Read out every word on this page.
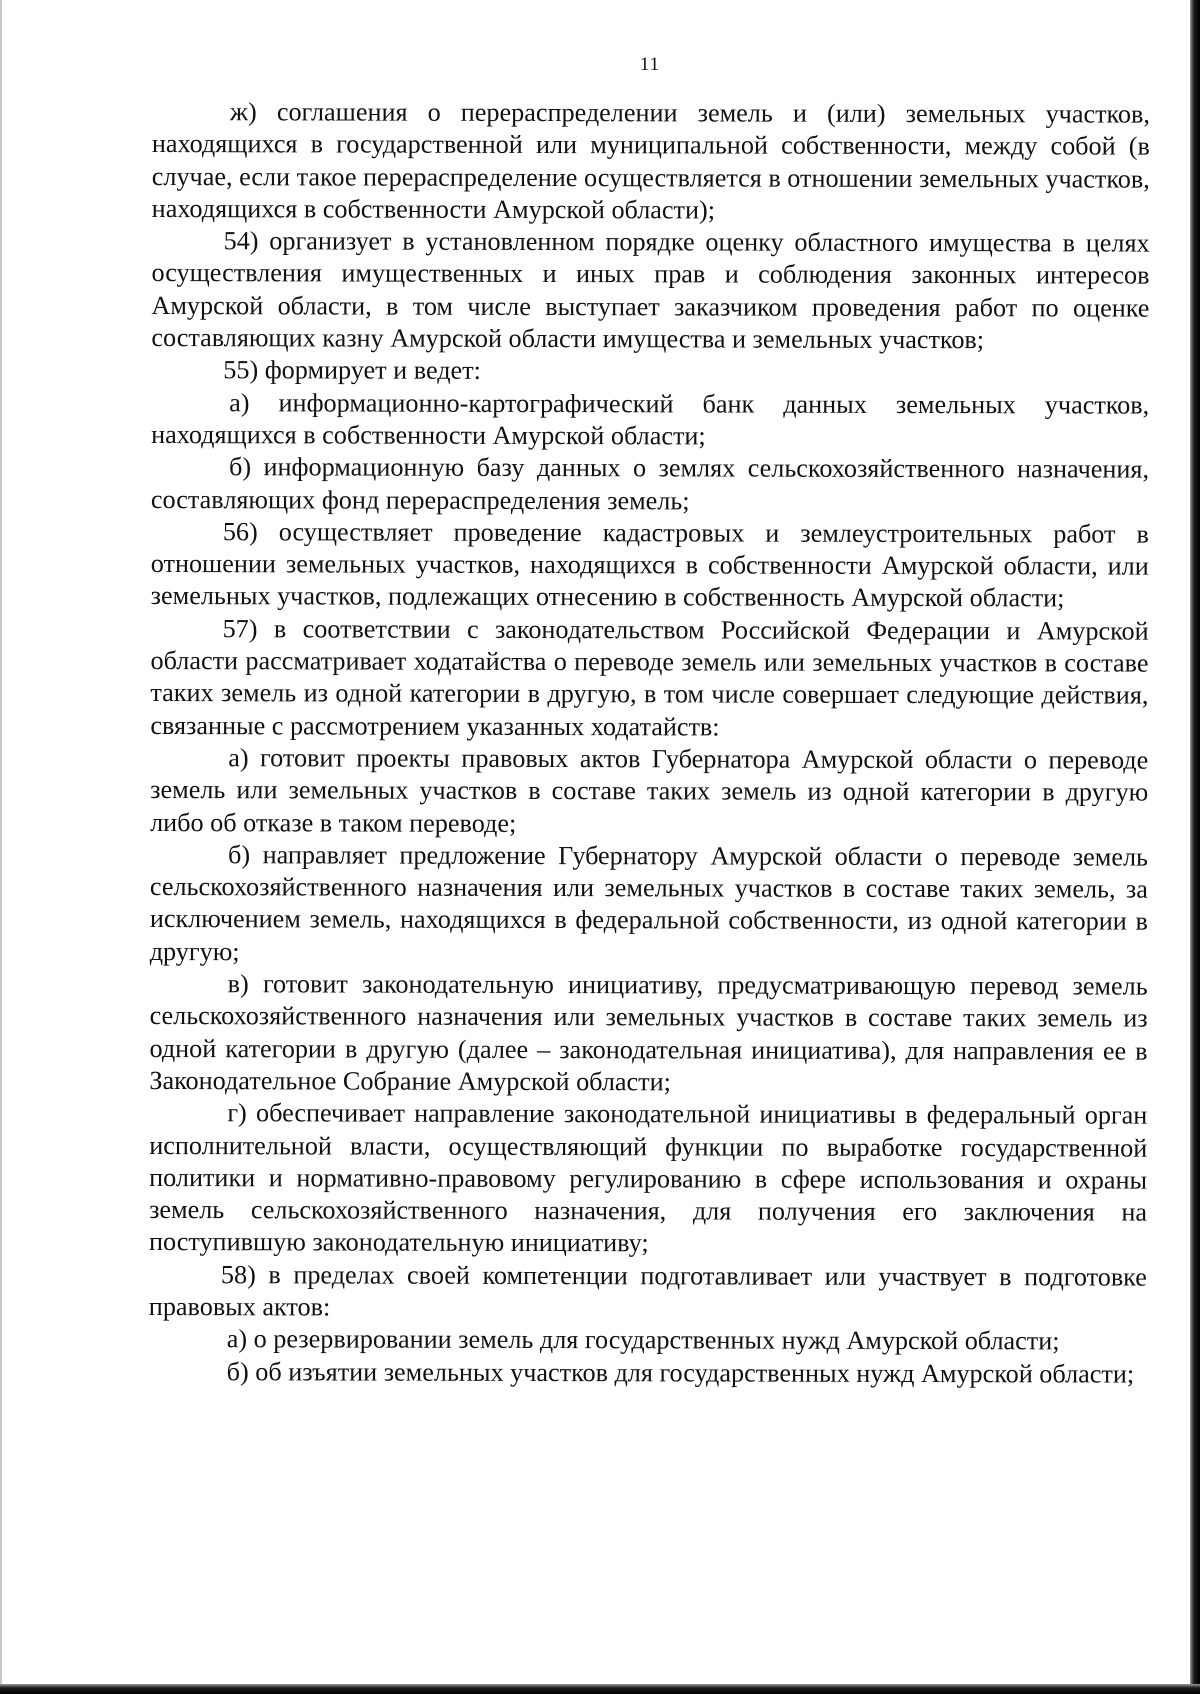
11

ж) соглашения о перераспределении земель и (или) земельных участков, находящихся в государственной или муниципальной собственности, между собой (в случае, если такое перераспределение осуществляется в отношении земельных участков, находящихся в собственности Амурской области);

54) организует в установленном порядке оценку областного имущества в целях осуществления имущественных и иных прав и соблюдения законных интересов Амурской области, в том числе выступает заказчиком проведения работ по оценке составляющих казну Амурской области имущества и земельных участков;

55) формирует и ведет:

а) информационно-картографический банк данных земельных участков, находящихся в собственности Амурской области;

б) информационную базу данных о землях сельскохозяйственного назначения, составляющих фонд перераспределения земель;

56) осуществляет проведение кадастровых и землеустроительных работ в отношении земельных участков, находящихся в собственности Амурской области, или земельных участков, подлежащих отнесению в собственность Амурской области;

57) в соответствии с законодательством Российской Федерации и Амурской области рассматривает ходатайства о переводе земель или земельных участков в составе таких земель из одной категории в другую, в том числе совершает следующие действия, связанные с рассмотрением указанных ходатайств:

а) готовит проекты правовых актов Губернатора Амурской области о переводе земель или земельных участков в составе таких земель из одной категории в другую либо об отказе в таком переводе;

б) направляет предложение Губернатору Амурской области о переводе земель сельскохозяйственного назначения или земельных участков в составе таких земель, за исключением земель, находящихся в федеральной собственности, из одной категории в другую;

в) готовит законодательную инициативу, предусматривающую перевод земель сельскохозяйственного назначения или земельных участков в составе таких земель из одной категории в другую (далее – законодательная инициатива), для направления ее в Законодательное Собрание Амурской области;

г) обеспечивает направление законодательной инициативы в федеральный орган исполнительной власти, осуществляющий функции по выработке государственной политики и нормативно-правовому регулированию в сфере использования и охраны земель сельскохозяйственного назначения, для получения его заключения на поступившую законодательную инициативу;

58) в пределах своей компетенции подготавливает или участвует в подготовке правовых актов:

а) о резервировании земель для государственных нужд Амурской области;

б) об изъятии земельных участков для государственных нужд Амурской области;
